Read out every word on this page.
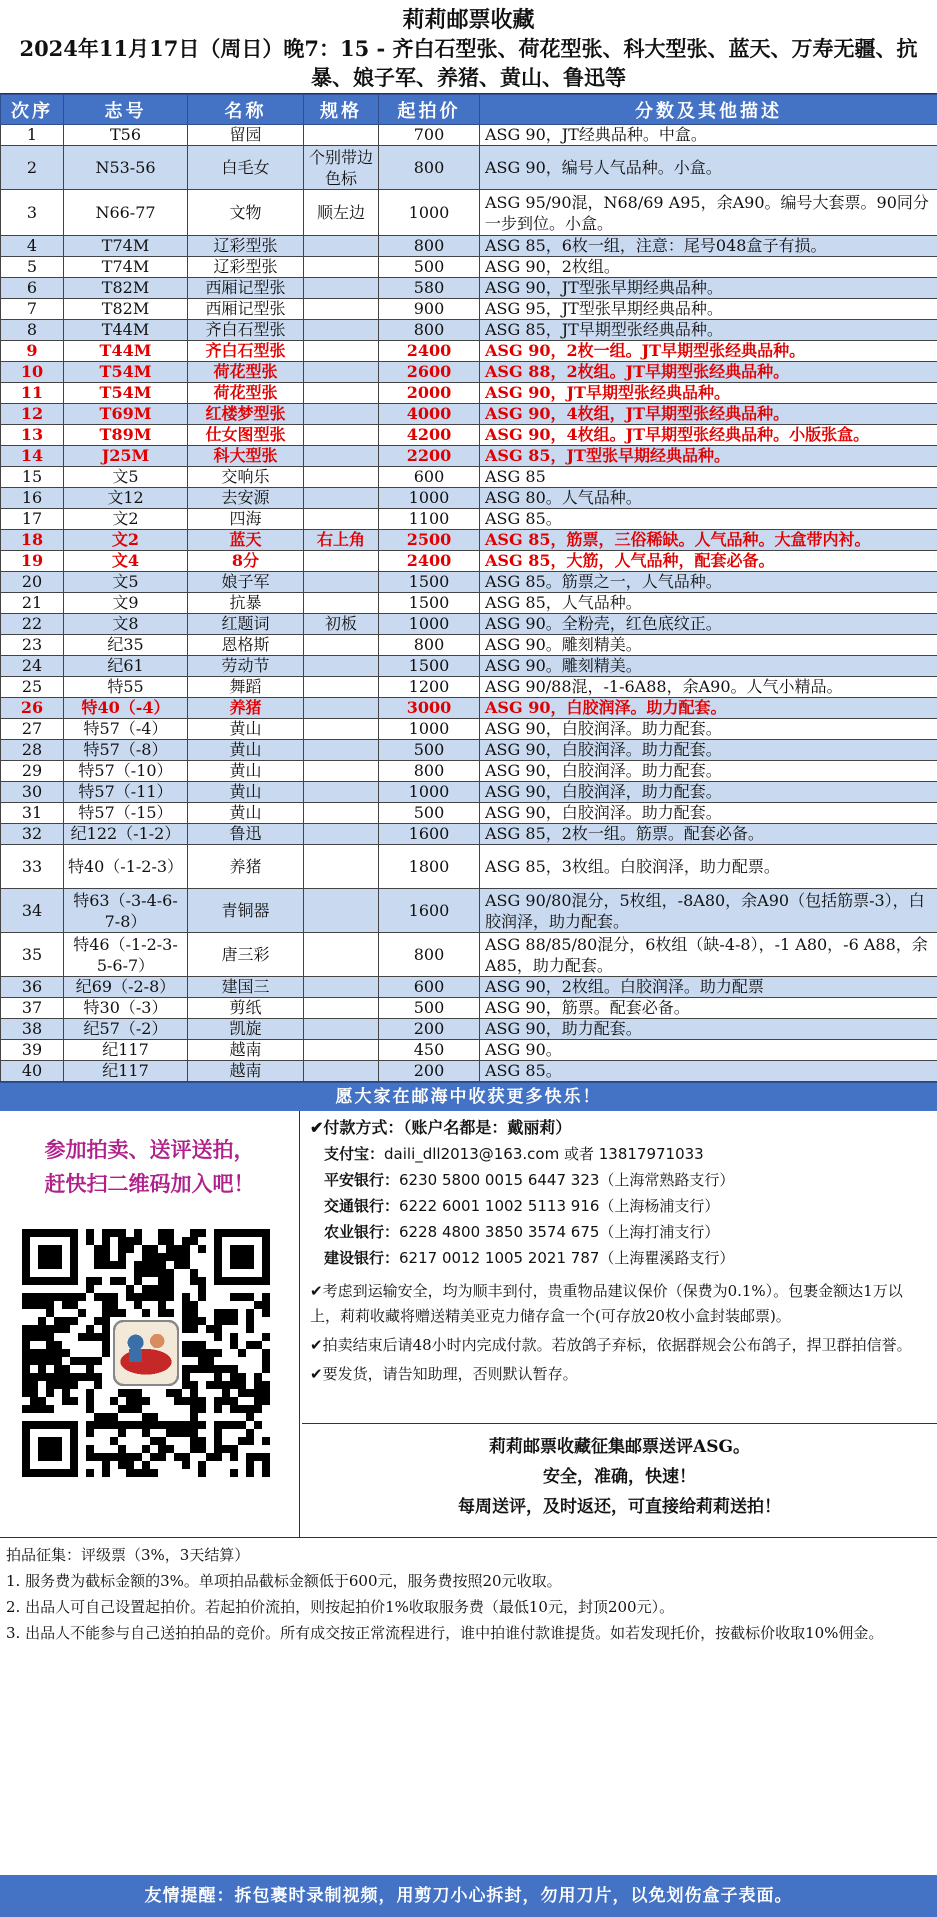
莉莉邮票收藏
2024年11月17日（周日）晚7：15 - 齐白石型张、荷花型张、科大型张、蓝天、万寿无疆、抗
暴、娘子军、养猪、黄山、鲁迅等
次序	志号	名称	规格	起拍价	分数及其他描述
1	T56	留园		700	ASG 90，JT经典品种。中盒。
2	N53-56	白毛女	个别带边色标	800	ASG 90，编号人气品种。小盒。
3	N66-77	文物	顺左边	1000	ASG 95/90混，N68/69 A95，余A90。编号大套票。90同分一步到位。小盒。
4	T74M	辽彩型张		800	ASG 85，6枚一组，注意：尾号048盒子有损。
5	T74M	辽彩型张		500	ASG 90，2枚组。
6	T82M	西厢记型张		580	ASG 90，JT型张早期经典品种。
7	T82M	西厢记型张		900	ASG 95，JT型张早期经典品种。
8	T44M	齐白石型张		800	ASG 85，JT早期型张经典品种。
9	T44M	齐白石型张		2400	ASG 90，2枚一组。JT早期型张经典品种。
10	T54M	荷花型张		2600	ASG 88，2枚组。JT早期型张经典品种。
11	T54M	荷花型张		2000	ASG 90，JT早期型张经典品种。
12	T69M	红楼梦型张		4000	ASG 90，4枚组，JT早期型张经典品种。
13	T89M	仕女图型张		4200	ASG 90，4枚组。JT早期型张经典品种。小版张盒。
14	J25M	科大型张		2200	ASG 85，JT型张早期经典品种。
15	文5	交响乐		600	ASG 85
16	文12	去安源		1000	ASG 80。人气品种。
17	文2	四海		1100	ASG 85。
18	文2	蓝天	右上角	2500	ASG 85，筋票，三俗稀缺。人气品种。大盒带内衬。
19	文4	8分		2400	ASG 85，大筋，人气品种，配套必备。
20	文5	娘子军		1500	ASG 85。筋票之一，人气品种。
21	文9	抗暴		1500	ASG 85，人气品种。
22	文8	红题词	初板	1000	ASG 90。全粉壳，红色底纹正。
23	纪35	恩格斯		800	ASG 90。雕刻精美。
24	纪61	劳动节		1500	ASG 90。雕刻精美。
25	特55	舞蹈		1200	ASG 90/88混，-1-6A88，余A90。人气小精品。
26	特40（-4）	养猪		3000	ASG 90，白胶润泽。助力配套。
27	特57（-4）	黄山		1000	ASG 90，白胶润泽。助力配套。
28	特57（-8）	黄山		500	ASG 90，白胶润泽。助力配套。
29	特57（-10）	黄山		800	ASG 90，白胶润泽。助力配套。
30	特57（-11）	黄山		1000	ASG 90，白胶润泽，助力配套。
31	特57（-15）	黄山		500	ASG 90，白胶润泽。助力配套。
32	纪122（-1-2）	鲁迅		1600	ASG 85，2枚一组。筋票。配套必备。
33	特40（-1-2-3）	养猪		1800	ASG 85，3枚组。白胶润泽，助力配票。
34	特63（-3-4-6-7-8）	青铜器		1600	ASG 90/80混分，5枚组，-8A80，余A90（包括筋票-3），白胶润泽，助力配套。
35	特46（-1-2-3-5-6-7）	唐三彩		800	ASG 88/85/80混分，6枚组（缺-4-8），-1 A80，-6 A88，余A85，助力配套。
36	纪69（-2-8）	建国三		600	ASG 90，2枚组。白胶润泽。助力配票
37	特30（-3）	剪纸		500	ASG 90，筋票。配套必备。
38	纪57（-2）	凯旋		200	ASG 90，助力配套。
39	纪117	越南		450	ASG 90。
40	纪117	越南		200	ASG 85。
愿大家在邮海中收获更多快乐！
参加拍卖、送评送拍，
赶快扫二维码加入吧！
✔付款方式：（账户名都是：戴丽莉）
支付宝：daili_dll2013@163.com 或者 13817971033
平安银行：6230 5800 0015 6447 323（上海常熟路支行）
交通银行：6222 6001 1002 5113 916（上海杨浦支行）
农业银行：6228 4800 3850 3574 675（上海打浦支行）
建设银行：6217 0012 1005 2021 787（上海瞿溪路支行）
✔考虑到运输安全，均为顺丰到付，贵重物品建议保价（保费为0.1%）。包裹金额达1万以上，莉莉收藏将赠送精美亚克力储存盒一个(可存放20枚小盒封装邮票)。
✔拍卖结束后请48小时内完成付款。若放鸽子弃标，依据群规会公布鸽子，捍卫群拍信誉。
✔要发货，请告知助理，否则默认暂存。
莉莉邮票收藏征集邮票送评ASG。
安全，准确，快速！
每周送评，及时返还，可直接给莉莉送拍！
拍品征集：评级票（3%，3天结算）
1. 服务费为截标金额的3%。单项拍品截标金额低于600元，服务费按照20元收取。
2. 出品人可自己设置起拍价。若起拍价流拍，则按起拍价1%收取服务费（最低10元，封顶200元）。
3. 出品人不能参与自己送拍拍品的竞价。所有成交按正常流程进行，谁中拍谁付款谁提货。如若发现托价，按截标价收取10%佣金。
友情提醒：拆包裹时录制视频，用剪刀小心拆封，勿用刀片，以免划伤盒子表面。
